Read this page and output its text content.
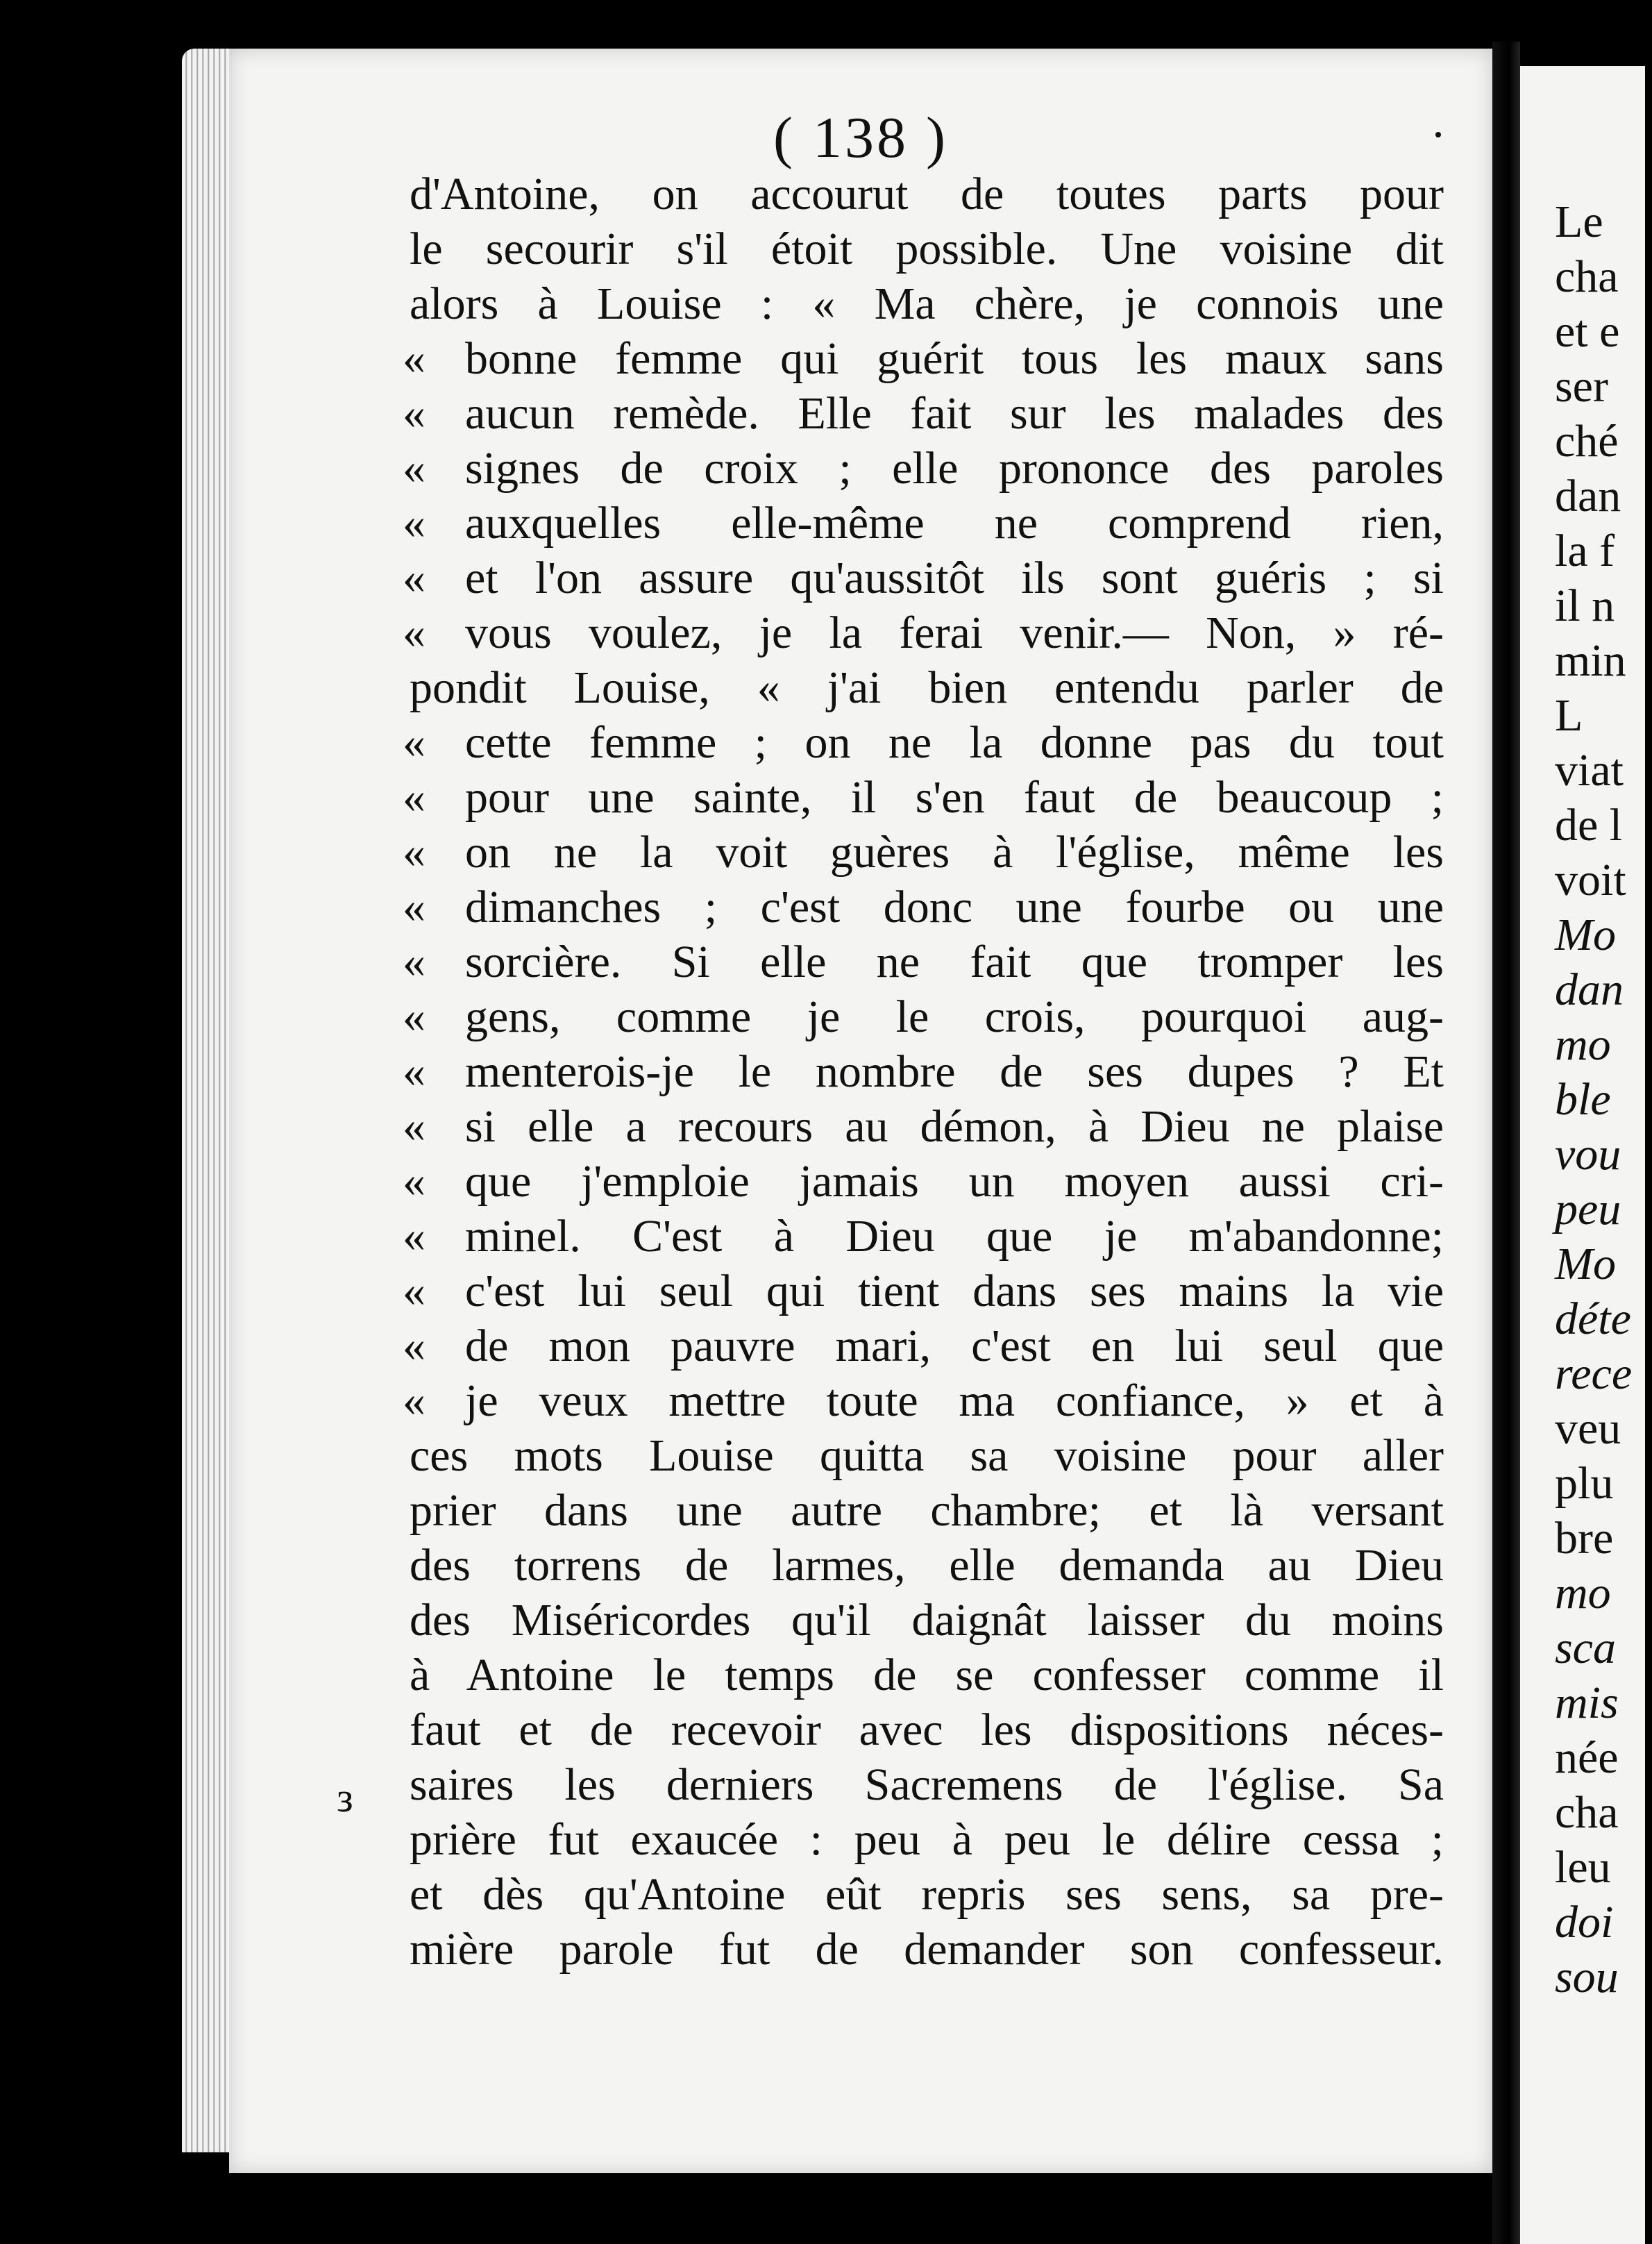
( 138 )
d'Antoine, on accourut de toutes parts pour
le secourir s'il étoit possible. Une voisine dit
alors à Louise : « Ma chère, je connois une
« bonne femme qui guérit tous les maux sans
« aucun remède. Elle fait sur les malades des
« signes de croix ; elle prononce des paroles
« auxquelles elle-même ne comprend rien,
« et l'on assure qu'aussitôt ils sont guéris ; si
« vous voulez, je la ferai venir.— Non, » ré-
pondit Louise, « j'ai bien entendu parler de
« cette femme ; on ne la donne pas du tout
« pour une sainte, il s'en faut de beaucoup ;
« on ne la voit guères à l'église, même les
« dimanches ; c'est donc une fourbe ou une
« sorcière. Si elle ne fait que tromper les
« gens, comme je le crois, pourquoi aug-
« menterois-je le nombre de ses dupes ? Et
« si elle a recours au démon, à Dieu ne plaise
« que j'emploie jamais un moyen aussi cri-
« minel. C'est à Dieu que je m'abandonne;
« c'est lui seul qui tient dans ses mains la vie
« de mon pauvre mari, c'est en lui seul que
« je veux mettre toute ma confiance, » et à
ces mots Louise quitta sa voisine pour aller
prier dans une autre chambre; et là versant
des torrens de larmes, elle demanda au Dieu
des Miséricordes qu'il daignât laisser du moins
à Antoine le temps de se confesser comme il
faut et de recevoir avec les dispositions néces-
saires les derniers Sacremens de l'église. Sa
prière fut exaucée : peu à peu le délire cessa ;
et dès qu'Antoine eût repris ses sens, sa pre-
mière parole fut de demander son confesseur.
Le
cha
et e
ser
ché
dan
la f
il n
min
L
viat
de l
voit
Mo
dan
mo
ble
vou
peu
Mo
déte
rece
veu
plu
bre
mo
sca
mis
née
cha
leu
doi
sou
з
